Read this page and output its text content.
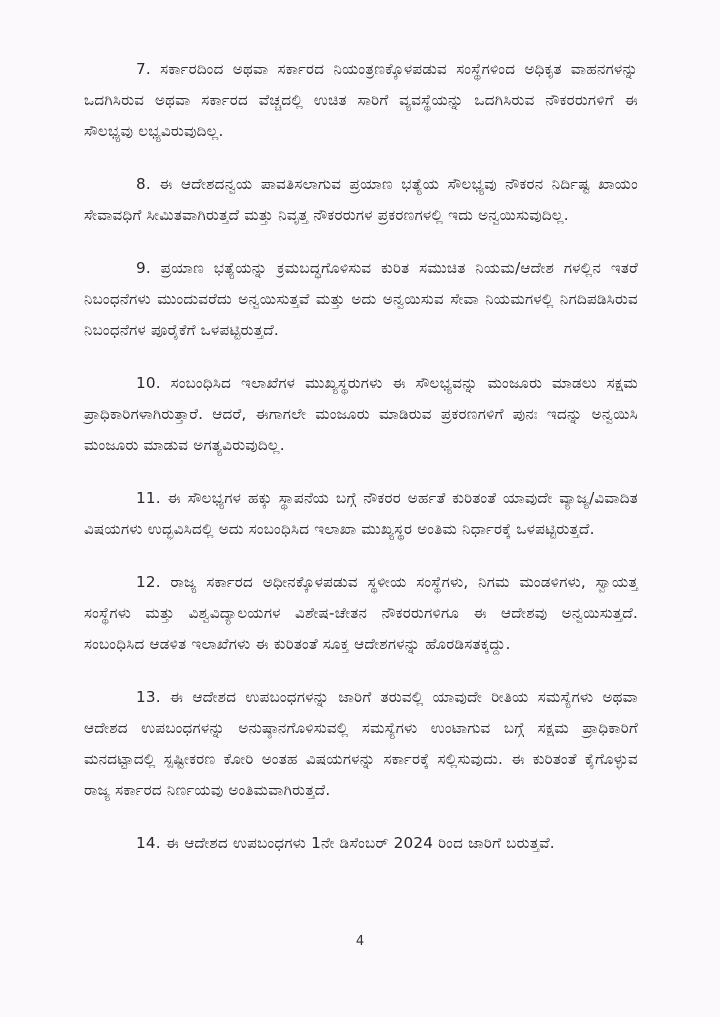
7. ಸರ್ಕಾರದಿಂದ ಅಥವಾ ಸರ್ಕಾರದ ನಿಯಂತ್ರಣಕ್ಕೊಳಪಡುವ ಸಂಸ್ಥೆಗಳಿಂದ ಅಧಿಕೃತ ವಾಹನಗಳನ್ನು ಒದಗಿಸಿರುವ ಅಥವಾ ಸರ್ಕಾರದ ವೆಚ್ಚದಲ್ಲಿ ಉಚಿತ ಸಾರಿಗೆ ವ್ಯವಸ್ಥೆಯನ್ನು ಒದಗಿಸಿರುವ ನೌಕರರುಗಳಿಗೆ ಈ ಸೌಲಭ್ಯವು ಲಭ್ಯವಿರುವುದಿಲ್ಲ.

8. ಈ ಆದೇಶದನ್ವಯ ಪಾವತಿಸಲಾಗುವ ಪ್ರಯಾಣ ಭತ್ಯೆಯ ಸೌಲಭ್ಯವು ನೌಕರನ ನಿರ್ದಿಷ್ಟ ಖಾಯಂ ಸೇವಾವಧಿಗೆ ಸೀಮಿತವಾಗಿರುತ್ತದೆ ಮತ್ತು ನಿವೃತ್ತ ನೌಕರರುಗಳ ಪ್ರಕರಣಗಳಲ್ಲಿ ಇದು ಅನ್ವಯಿಸುವುದಿಲ್ಲ.

9. ಪ್ರಯಾಣ ಭತ್ಯೆಯನ್ನು ಕ್ರಮಬದ್ಧಗೊಳಿಸುವ ಕುರಿತ ಸಮುಚಿತ ನಿಯಮ/ಆದೇಶ ಗಳಲ್ಲಿನ ಇತರೆ ನಿಬಂಧನೆಗಳು ಮುಂದುವರೆದು ಅನ್ವಯಿಸುತ್ತವೆ ಮತ್ತು ಅದು ಅನ್ವಯಿಸುವ ಸೇವಾ ನಿಯಮಗಳಲ್ಲಿ ನಿಗದಿಪಡಿಸಿರುವ ನಿಬಂಧನೆಗಳ ಪೂರೈಕೆಗೆ ಒಳಪಟ್ಟಿರುತ್ತದೆ.

10. ಸಂಬಂಧಿಸಿದ ಇಲಾಖೆಗಳ ಮುಖ್ಯಸ್ಥರುಗಳು ಈ ಸೌಲಭ್ಯವನ್ನು ಮಂಜೂರು ಮಾಡಲು ಸಕ್ಷಮ ಪ್ರಾಧಿಕಾರಿಗಳಾಗಿರುತ್ತಾರೆ. ಆದರೆ, ಈಗಾಗಲೇ ಮಂಜೂರು ಮಾಡಿರುವ ಪ್ರಕರಣಗಳಿಗೆ ಪುನಃ ಇದನ್ನು ಅನ್ವಯಿಸಿ ಮಂಜೂರು ಮಾಡುವ ಅಗತ್ಯವಿರುವುದಿಲ್ಲ.

11. ಈ ಸೌಲಭ್ಯಗಳ ಹಕ್ಕು ಸ್ಥಾಪನೆಯ ಬಗ್ಗೆ ನೌಕರರ ಅರ್ಹತೆ ಕುರಿತಂತೆ ಯಾವುದೇ ವ್ಯಾಜ್ಯ/ವಿವಾದಿತ ವಿಷಯಗಳು ಉದ್ಭವಿಸಿದಲ್ಲಿ ಅದು ಸಂಬಂಧಿಸಿದ ಇಲಾಖಾ ಮುಖ್ಯಸ್ಥರ ಅಂತಿಮ ನಿರ್ಧಾರಕ್ಕೆ ಒಳಪಟ್ಟಿರುತ್ತದೆ.

12. ರಾಜ್ಯ ಸರ್ಕಾರದ ಅಧೀನಕ್ಕೊಳಪಡುವ ಸ್ಥಳೀಯ ಸಂಸ್ಥೆಗಳು, ನಿಗಮ ಮಂಡಳಿಗಳು, ಸ್ವಾಯತ್ತ ಸಂಸ್ಥೆಗಳು ಮತ್ತು ವಿಶ್ವವಿದ್ಯಾಲಯಗಳ ವಿಶೇಷ-ಚೇತನ ನೌಕರರುಗಳಿಗೂ ಈ ಆದೇಶವು ಅನ್ವಯಿಸುತ್ತದೆ. ಸಂಬಂಧಿಸಿದ ಆಡಳಿತ ಇಲಾಖೆಗಳು ಈ ಕುರಿತಂತೆ ಸೂಕ್ತ ಆದೇಶಗಳನ್ನು ಹೊರಡಿಸತಕ್ಕದ್ದು.

13. ಈ ಆದೇಶದ ಉಪಬಂಧಗಳನ್ನು ಜಾರಿಗೆ ತರುವಲ್ಲಿ ಯಾವುದೇ ರೀತಿಯ ಸಮಸ್ಯೆಗಳು ಅಥವಾ ಆದೇಶದ ಉಪಬಂಧಗಳನ್ನು ಅನುಷ್ಠಾನಗೊಳಿಸುವಲ್ಲಿ ಸಮಸ್ಯೆಗಳು ಉಂಟಾಗುವ ಬಗ್ಗೆ ಸಕ್ಷಮ ಪ್ರಾಧಿಕಾರಿಗೆ ಮನದಟ್ಟಾದಲ್ಲಿ ಸ್ಪಷ್ಟೀಕರಣ ಕೋರಿ ಅಂತಹ ವಿಷಯಗಳನ್ನು ಸರ್ಕಾರಕ್ಕೆ ಸಲ್ಲಿಸುವುದು. ಈ ಕುರಿತಂತೆ ಕೈಗೊಳ್ಳುವ ರಾಜ್ಯ ಸರ್ಕಾರದ ನಿರ್ಣಯವು ಅಂತಿಮವಾಗಿರುತ್ತದೆ.

14. ಈ ಆದೇಶದ ಉಪಬಂಧಗಳು 1ನೇ ಡಿಸೆಂಬರ್ 2024 ರಿಂದ ಜಾರಿಗೆ ಬರುತ್ತವೆ.

4
